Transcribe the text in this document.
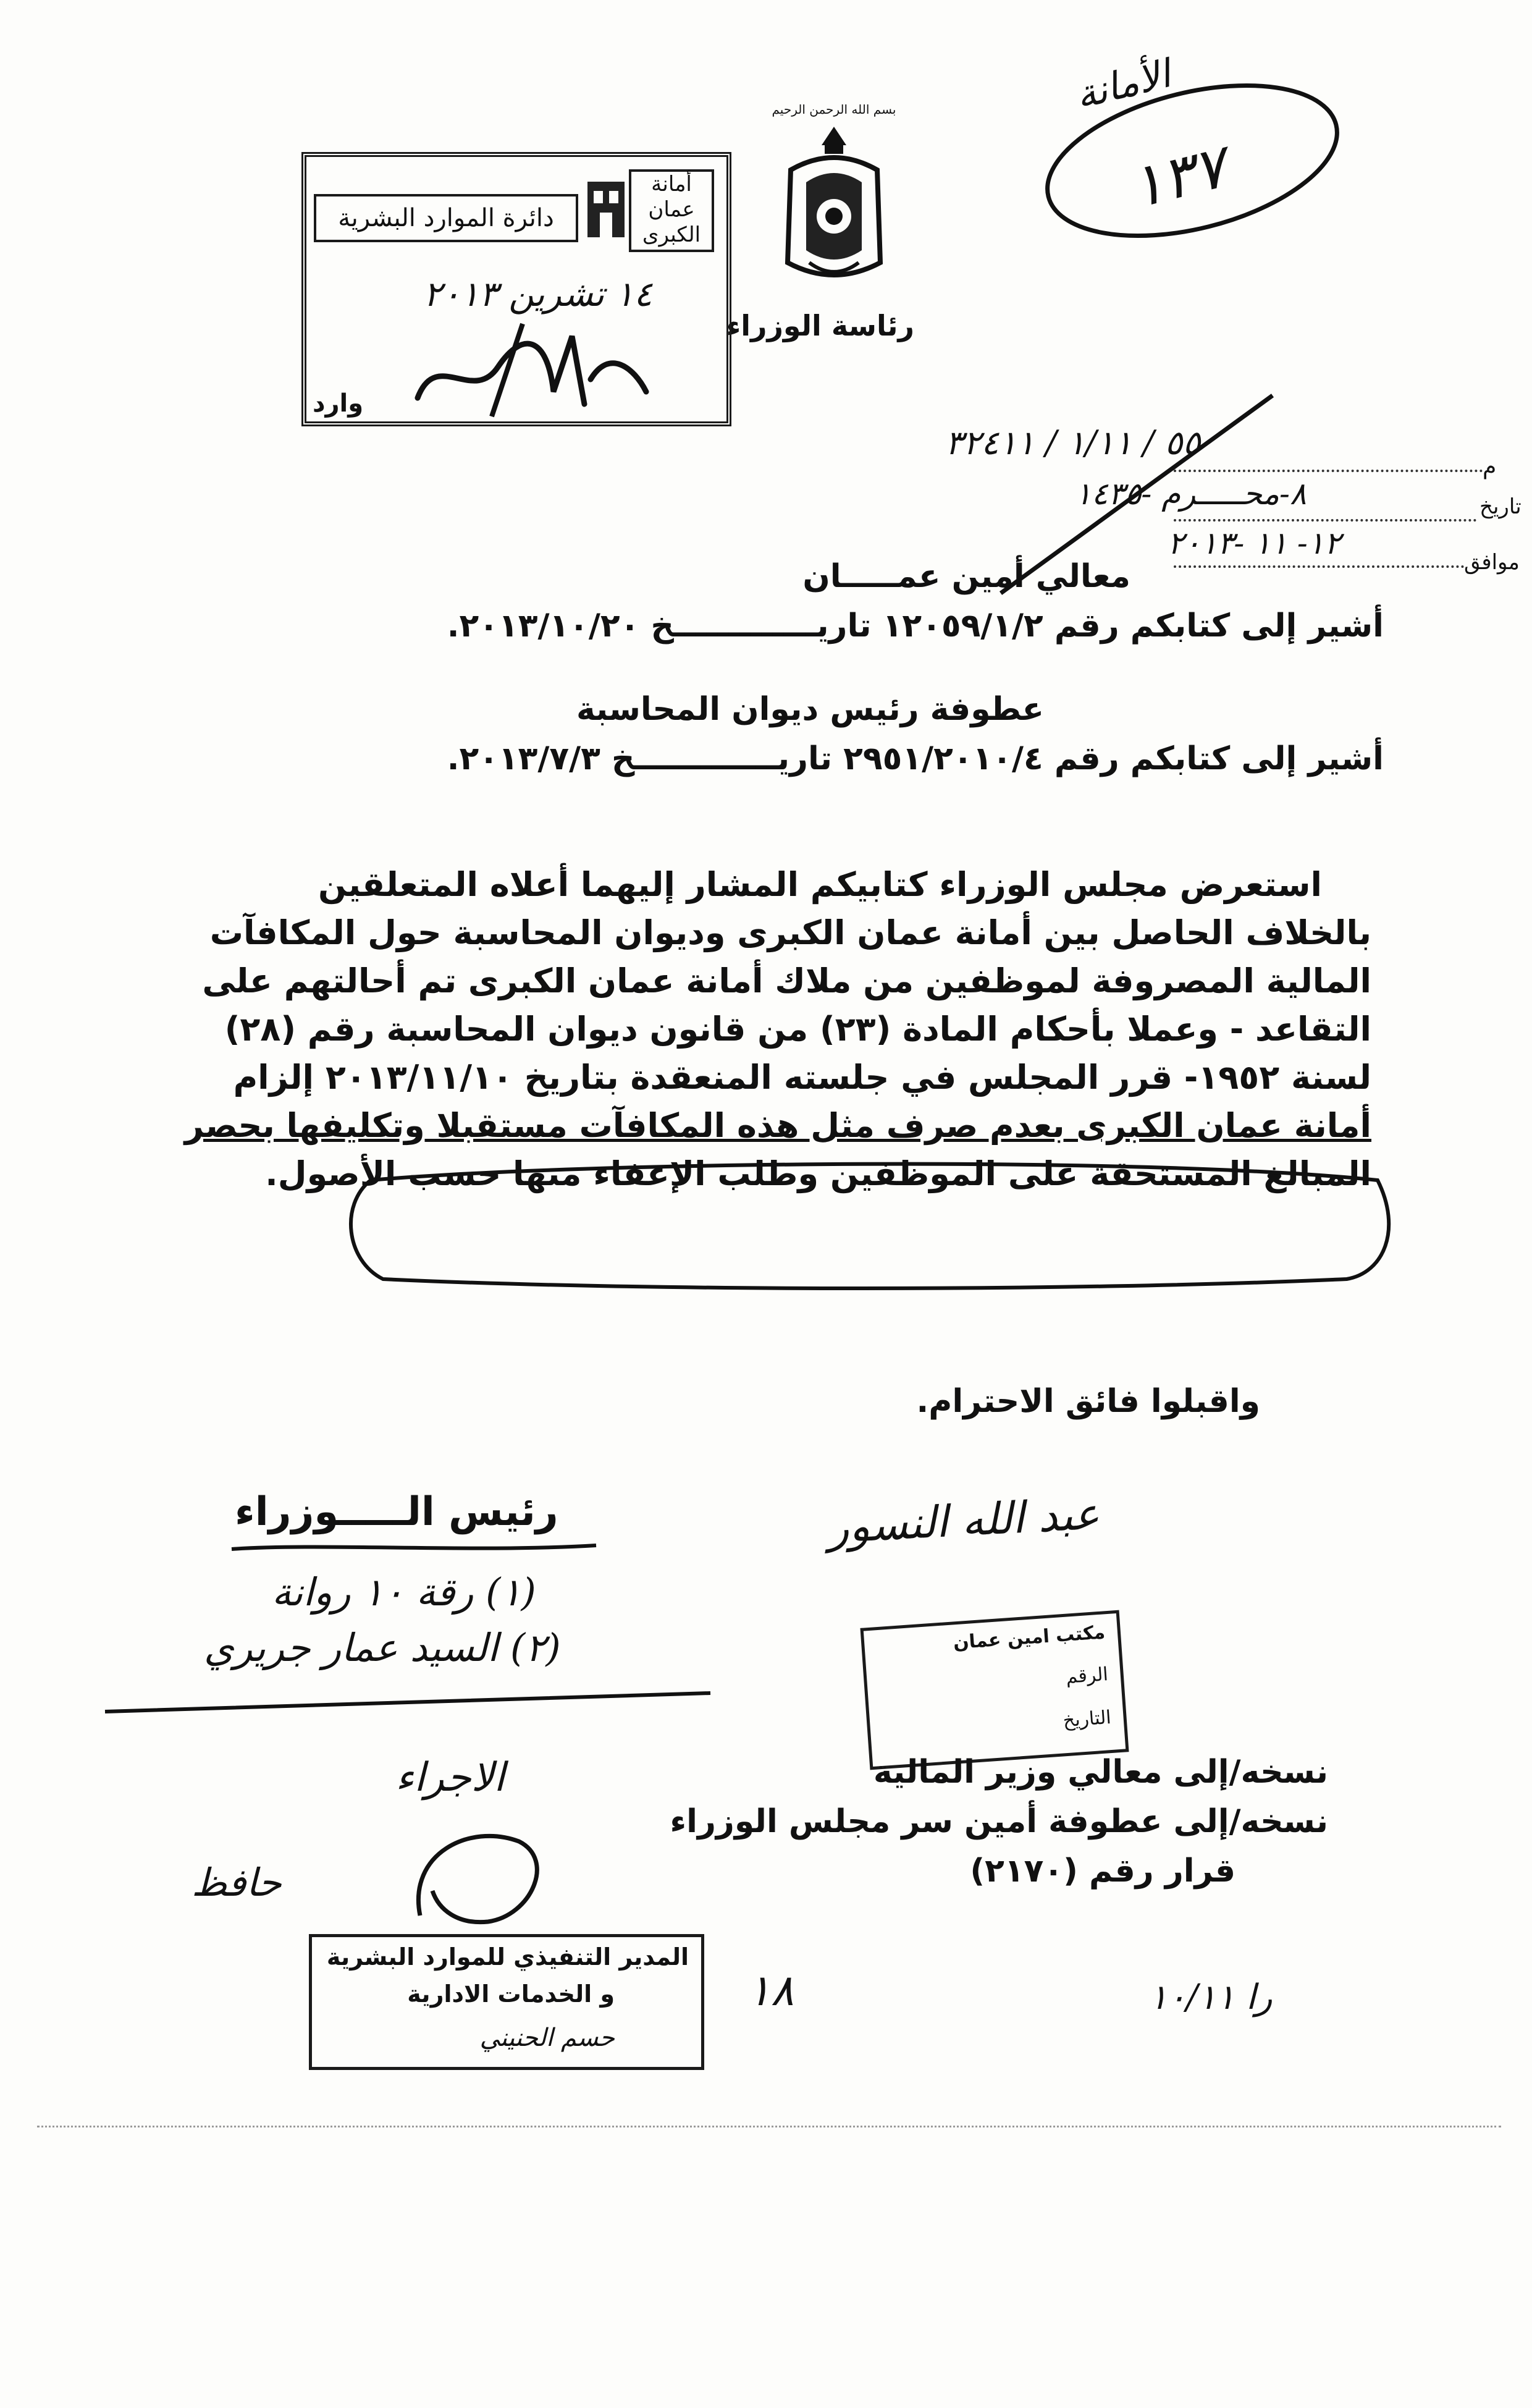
الأمانة
١٣٧
بسم الله الرحمن الرحيم
رئاسة الوزراء
أمانة
عمان
الكبرى
دائرة الموارد البشرية
١٤ تشرين ٢٠١٣
وارد
٥٥ / ١/١١ / ٣٢٤١١
م
٨-محـــــرم -١٤٣٥	تاريخ
١٢- ١١ -٢٠١٣
موافق
معالي أمين عمـــــان
أشير إلى كتابكم رقم ١٢٠٥٩/١/٢ تاريـــــــــــــخ ٢٠١٣/١٠/٢٠.
عطوفة رئيس ديوان المحاسبة
أشير إلى كتابكم رقم ٢٩٥١/٢٠١٠/٤ تاريـــــــــــــخ ٢٠١٣/٧/٣.
استعرض مجلس الوزراء كتابيكم المشار إليهما أعلاه المتعلقين
بالخلاف الحاصل بين أمانة عمان الكبرى وديوان المحاسبة حول المكافآت
المالية المصروفة لموظفين من ملاك أمانة عمان الكبرى تم أحالتهم على
التقاعد - وعملا بأحكام المادة (٢٣) من قانون ديوان المحاسبة رقم (٢٨)
لسنة ١٩٥٢- قرر المجلس في جلسته المنعقدة بتاريخ ٢٠١٣/١١/١٠ إلزام
أمانة عمان الكبرى بعدم صرف مثل هذه المكافآت مستقبلا وتكليفها بحصر
المبالغ المستحقة على الموظفين وطلب الإعفاء منها حسب الأصول.
واقبلوا فائق الاحترام.
عبد الله النسور
رئيس الـــــوزراء
(١) رقة ١٠ روانة
(٢) السيد عمار جريري
الاجراء
حافظ
مكتب امين عمان
الرقم
التاريخ
نسخه/إلى معالي وزير المالية
نسخه/إلى عطوفة أمين سر مجلس الوزراء
قرار رقم (٢١٧٠)
المدير التنفيذي للموارد البشرية
و الخدمات الادارية
حسم الحنيني
١٨	را ١٠/١١
